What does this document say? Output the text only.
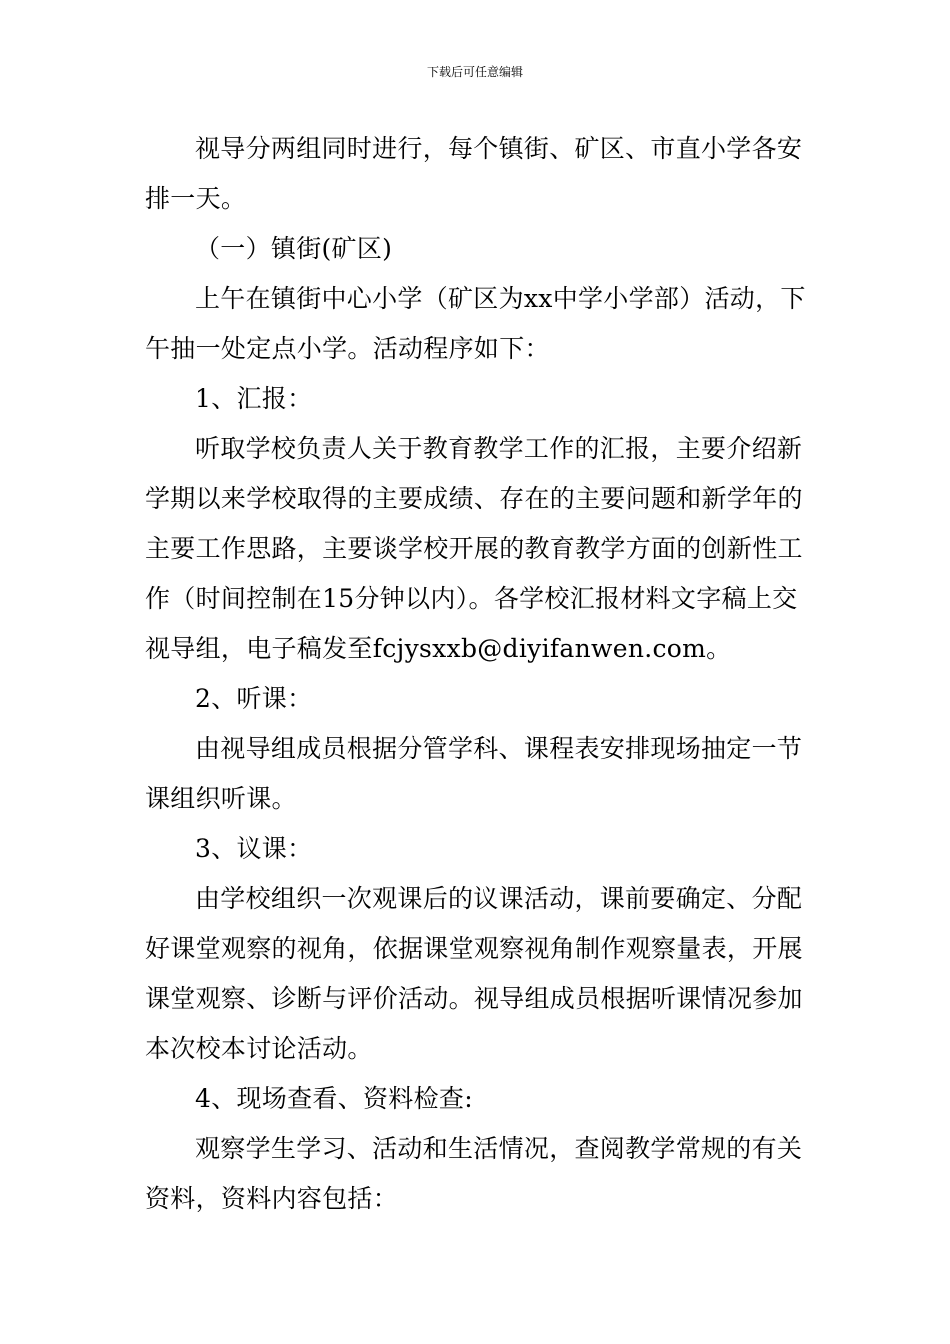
下载后可任意编辑

视导分两组同时进行，每个镇街、矿区、市直小学各安排一天。

（一）镇街(矿区)

上午在镇街中心小学（矿区为xx中学小学部）活动，下午抽一处定点小学。活动程序如下：

1、汇报：

听取学校负责人关于教育教学工作的汇报，主要介绍新学期以来学校取得的主要成绩、存在的主要问题和新学年的主要工作思路，主要谈学校开展的教育教学方面的创新性工作（时间控制在15分钟以内）。各学校汇报材料文字稿上交视导组，电子稿发至fcjysxxb@diyifanwen.com。

2、听课：

由视导组成员根据分管学科、课程表安排现场抽定一节课组织听课。

3、议课：

由学校组织一次观课后的议课活动，课前要确定、分配好课堂观察的视角，依据课堂观察视角制作观察量表，开展课堂观察、诊断与评价活动。视导组成员根据听课情况参加本次校本讨论活动。

4、现场查看、资料检查:

观察学生学习、活动和生活情况，查阅教学常规的有关资料，资料内容包括：
